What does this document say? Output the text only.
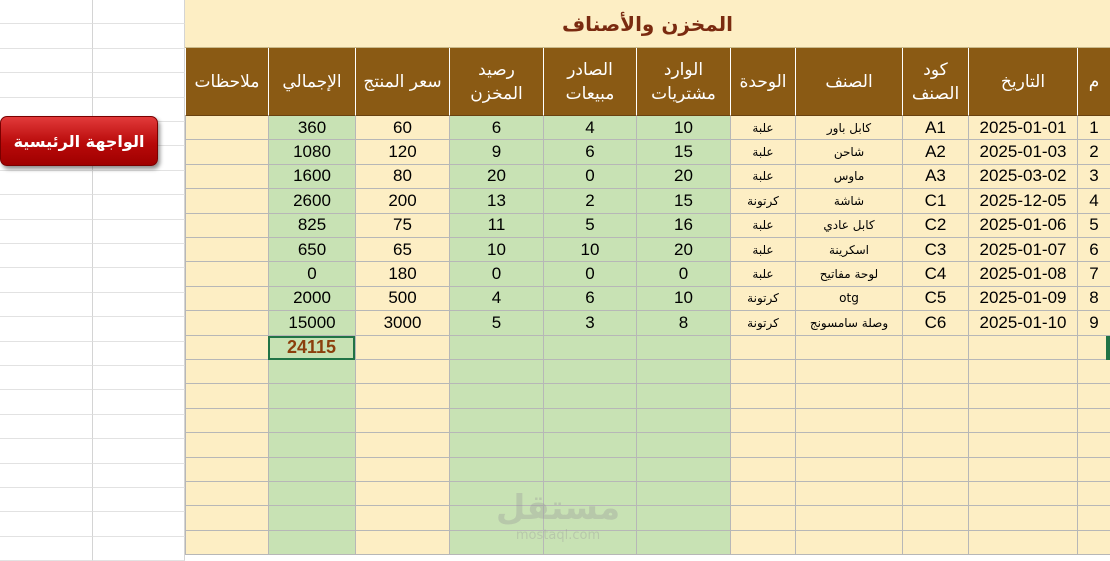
المخزن والأصناف
م
التاريخ
كود الصنف
الصنف
الوحدة
الوارد مشتريات
الصادر مبيعات
رصيد المخزن
سعر المنتج
الإجمالي
ملاحظات
1
2025-01-01
A1
كابل باور
علبة
10
4
6
60
360
2
2025-01-03
A2
شاحن
علبة
15
6
9
120
1080
3
2025-03-02
A3
ماوس
علبة
20
0
20
80
1600
4
2025-12-05
C1
شاشة
كرتونة
15
2
13
200
2600
5
2025-01-06
C2
كابل عادي
علبة
16
5
11
75
825
6
2025-01-07
C3
اسكرينة
علبة
20
10
10
65
650
7
2025-01-08
C4
لوحة مفاتيح
علبة
0
0
0
180
0
8
2025-01-09
C5
otg
كرتونة
10
6
4
500
2000
9
2025-01-10
C6
وصلة سامسونج
كرتونة
8
3
5
3000
15000
24115
الواجهة الرئيسية
مستقل
mostaql.com
